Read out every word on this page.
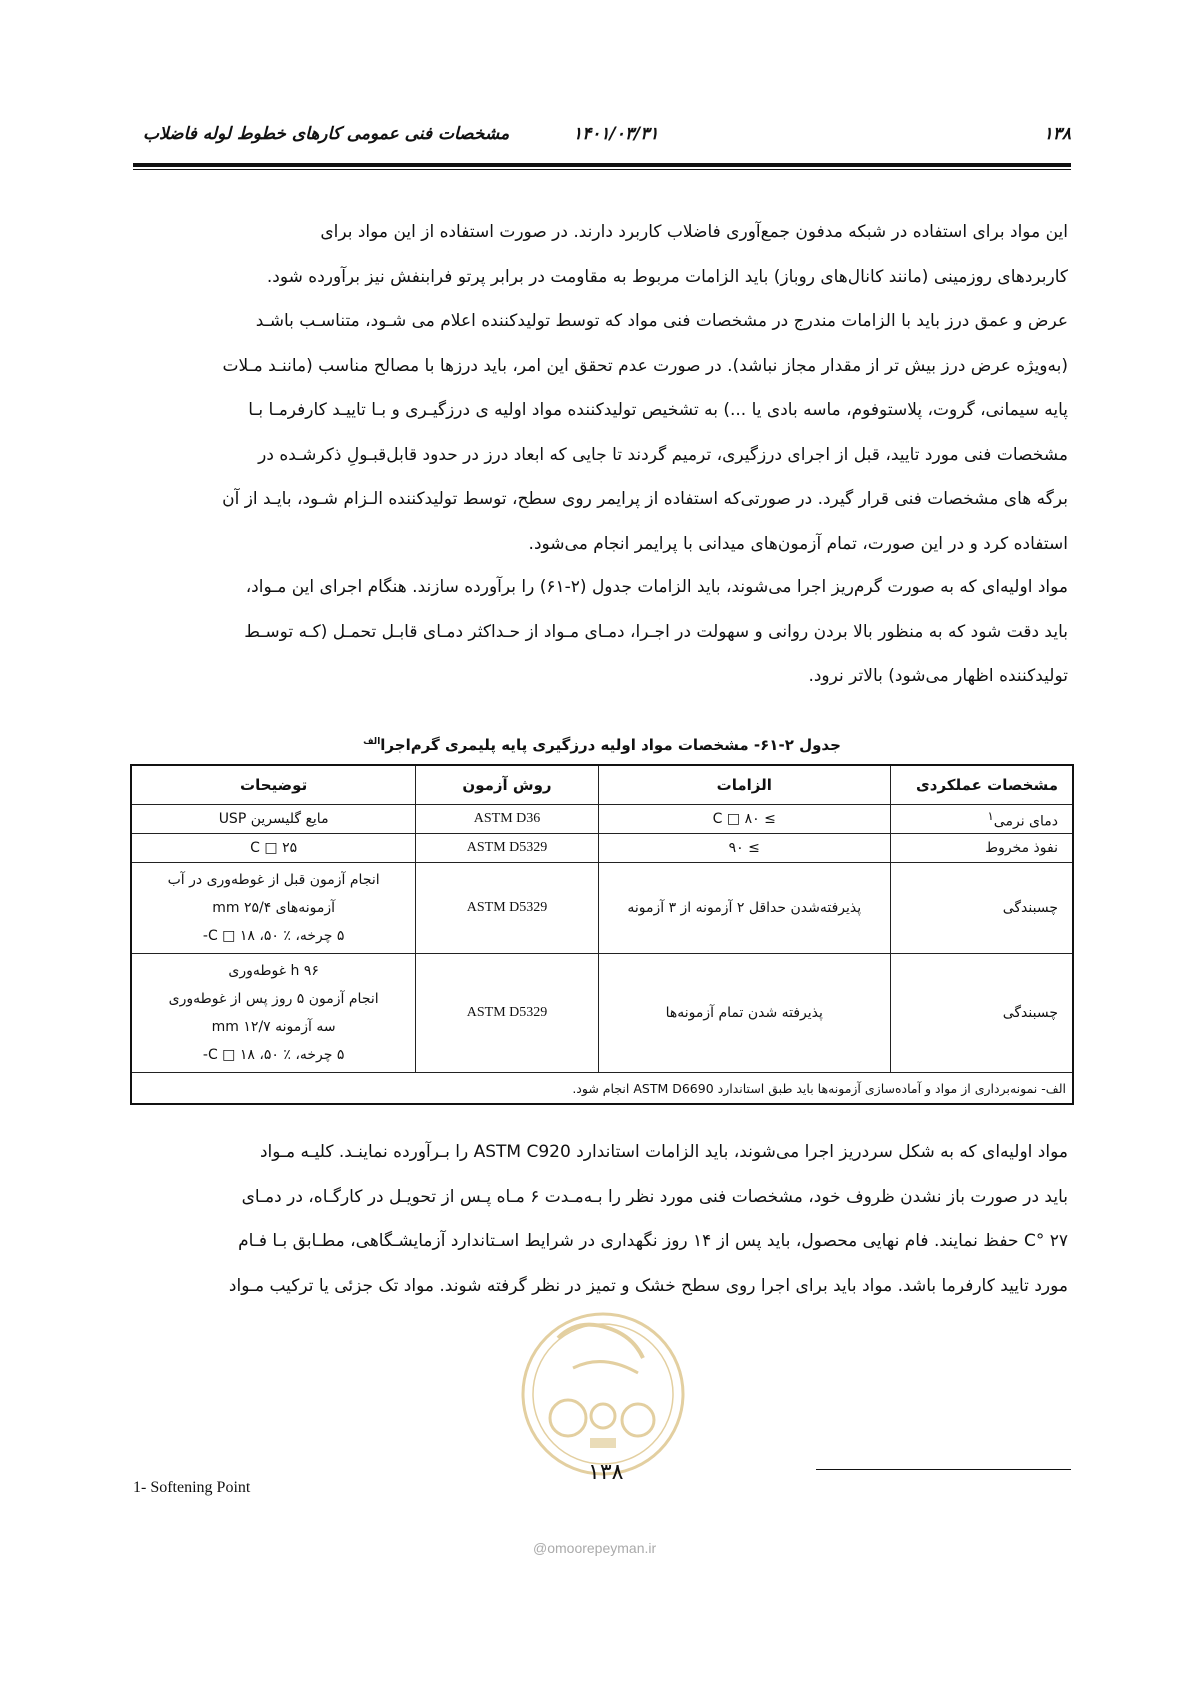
۱۳۸
۱۴۰۱/۰۳/۳۱
مشخصات فنی عمومی کارهای خطوط لوله فاضلاب

این مواد برای استفاده در شبکه مدفون جمع‌آوری فاضلاب کاربرد دارند. در صورت استفاده از این مواد برای

کاربردهای روزمینی (مانند کانال‌های روباز) باید الزامات مربوط به مقاومت در برابر پرتو فرابنفش نیز برآورده شود.

عرض و عمق درز باید با الزامات مندرج در مشخصات فنی مواد که توسط تولیدکننده اعلام می شـود، متناسـب باشـد

(به‌ویژه عرض درز بیش تر از مقدار مجاز نباشد). در صورت عدم تحقق این امر، باید درزها با مصالح مناسب (ماننـد مـلات

پایه سیمانی، گروت، پلاستوفوم، ماسه بادی یا ...) به تشخیص تولیدکننده مواد اولیه ی درزگیـری و بـا تاییـد کارفرمـا بـا

مشخصات فنی مورد تایید، قبل از اجرای درزگیری، ترمیم گردند تا جایی که ابعاد درز در حدود قابل‌قبـولِ ذکرشـده در

برگه های مشخصات فنی قرار گیرد. در صورتی‌که استفاده از پرایمر روی سطح، توسط تولیدکننده الـزام شـود، بایـد از آن

استفاده کرد و در این صورت، تمام آزمون‌های میدانی با پرایمر انجام می‌شود.

مواد اولیه‌ای که به صورت گرم‌ریز اجرا می‌شوند، باید الزامات جدول (۲-۶۱) را برآورده سازند. هنگام اجرای این مـواد،

باید دقت شود که به منظور بالا بردن روانی و سهولت در اجـرا، دمـای مـواد از حـداکثر دمـای قابـل تحمـل (کـه توسـط

تولیدکننده اظهار می‌شود) بالاتر نرود.

جدول ۲-۶۱- مشخصات مواد اولیه درزگیری پایه پلیمری گرم‌اجرا$^{الف}$
مشخصات عملکردی	الزامات	روش آزمون	توضیحات
دمای نرمی$^۱$	≥ ۸۰ □ C	ASTM D36	مایع گلیسرین USP
نفوذ مخروط	≥ ۹۰	ASTM D5329	۲۵ □ C
چسبندگی	پذیرفته‌شدن حداقل ۲ آزمونه از ۳ آزمونه	ASTM D5329	انجام آزمون قبل از غوطه‌وری در آب
آزمونه‌های ۲۵/۴ mm
۵ چرخه، ٪ ۵۰، C □ ۱۸-

چسبندگی	پذیرفته شدن تمام آزمونه‌ها	ASTM D5329	۹۶ h غوطه‌وری
انجام آزمون ۵ روز پس از غوطه‌وری
سه آزمونه ۱۲/۷ mm
۵ چرخه، ٪ ۵۰، C □ ۱۸-

الف- نمونه‌برداری از مواد و آماده‌سازی آزمونه‌ها باید طبق استاندارد ASTM D6690 انجام شود.			

مواد اولیه‌ای که به شکل سردریز اجرا می‌شوند، باید الزامات استاندارد ASTM C920 را بـرآورده نماینـد. کلیـه مـواد

باید در صورت باز نشدن ظروف خود، مشخصات فنی مورد نظر را بـه‌مـدت ۶ مـاه پـس از تحویـل در کارگـاه، در دمـای

۲۷ °C حفظ نمایند. فام نهایی محصول، باید پس از ۱۴ روز نگهداری در شرایط اسـتاندارد آزمایشـگاهی، مطـابق بـا فـام

مورد تایید کارفرما باشد. مواد باید برای اجرا روی سطح خشک و تمیز در نظر گرفته شوند. مواد تک جزئی یا ترکیب مـواد

1- Softening Point
۱۳۸
@omoorepeyman.ir
